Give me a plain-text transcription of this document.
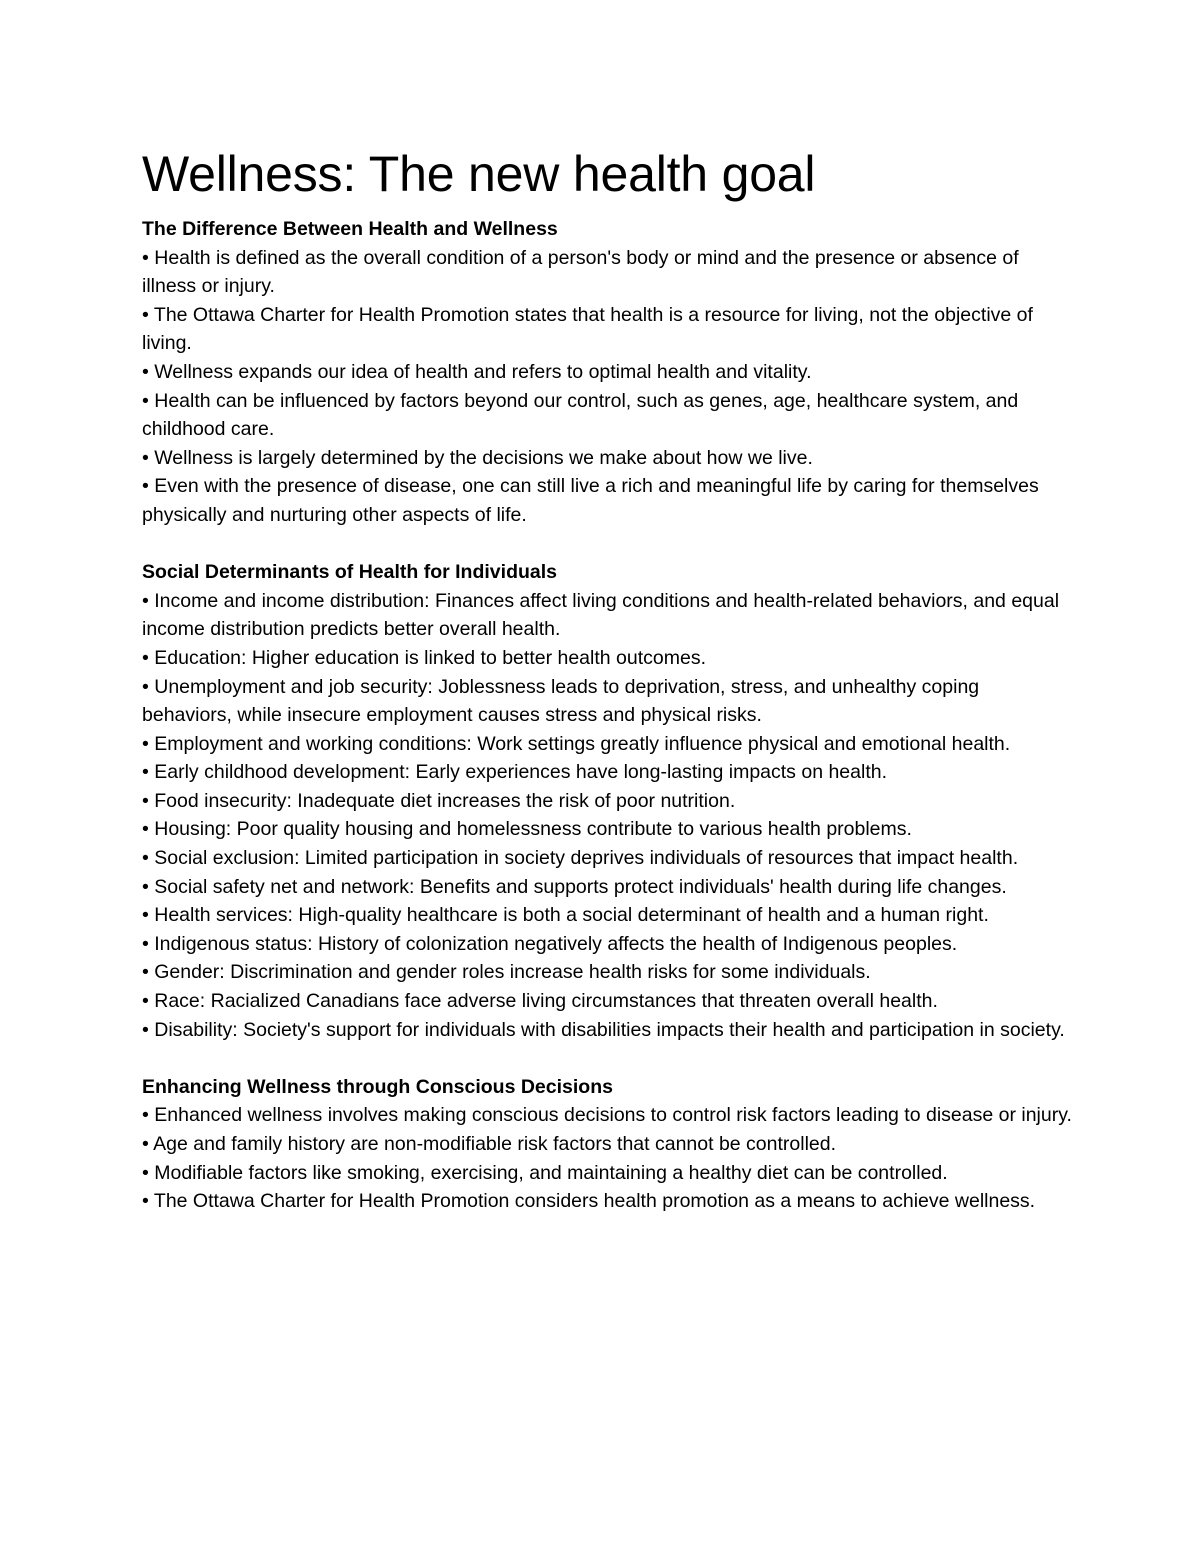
Wellness: The new health goal
The Difference Between Health and Wellness
• Health is defined as the overall condition of a person's body or mind and the presence or absence of illness or injury.
• The Ottawa Charter for Health Promotion states that health is a resource for living, not the objective of living.
• Wellness expands our idea of health and refers to optimal health and vitality.
• Health can be influenced by factors beyond our control, such as genes, age, healthcare system, and childhood care.
• Wellness is largely determined by the decisions we make about how we live.
• Even with the presence of disease, one can still live a rich and meaningful life by caring for themselves physically and nurturing other aspects of life.
Social Determinants of Health for Individuals
• Income and income distribution: Finances affect living conditions and health-related behaviors, and equal income distribution predicts better overall health.
• Education: Higher education is linked to better health outcomes.
• Unemployment and job security: Joblessness leads to deprivation, stress, and unhealthy coping behaviors, while insecure employment causes stress and physical risks.
• Employment and working conditions: Work settings greatly influence physical and emotional health.
• Early childhood development: Early experiences have long-lasting impacts on health.
• Food insecurity: Inadequate diet increases the risk of poor nutrition.
• Housing: Poor quality housing and homelessness contribute to various health problems.
• Social exclusion: Limited participation in society deprives individuals of resources that impact health.
• Social safety net and network: Benefits and supports protect individuals' health during life changes.
• Health services: High-quality healthcare is both a social determinant of health and a human right.
• Indigenous status: History of colonization negatively affects the health of Indigenous peoples.
• Gender: Discrimination and gender roles increase health risks for some individuals.
• Race: Racialized Canadians face adverse living circumstances that threaten overall health.
• Disability: Society's support for individuals with disabilities impacts their health and participation in society.
Enhancing Wellness through Conscious Decisions
• Enhanced wellness involves making conscious decisions to control risk factors leading to disease or injury.
• Age and family history are non-modifiable risk factors that cannot be controlled.
• Modifiable factors like smoking, exercising, and maintaining a healthy diet can be controlled.
• The Ottawa Charter for Health Promotion considers health promotion as a means to achieve wellness.
